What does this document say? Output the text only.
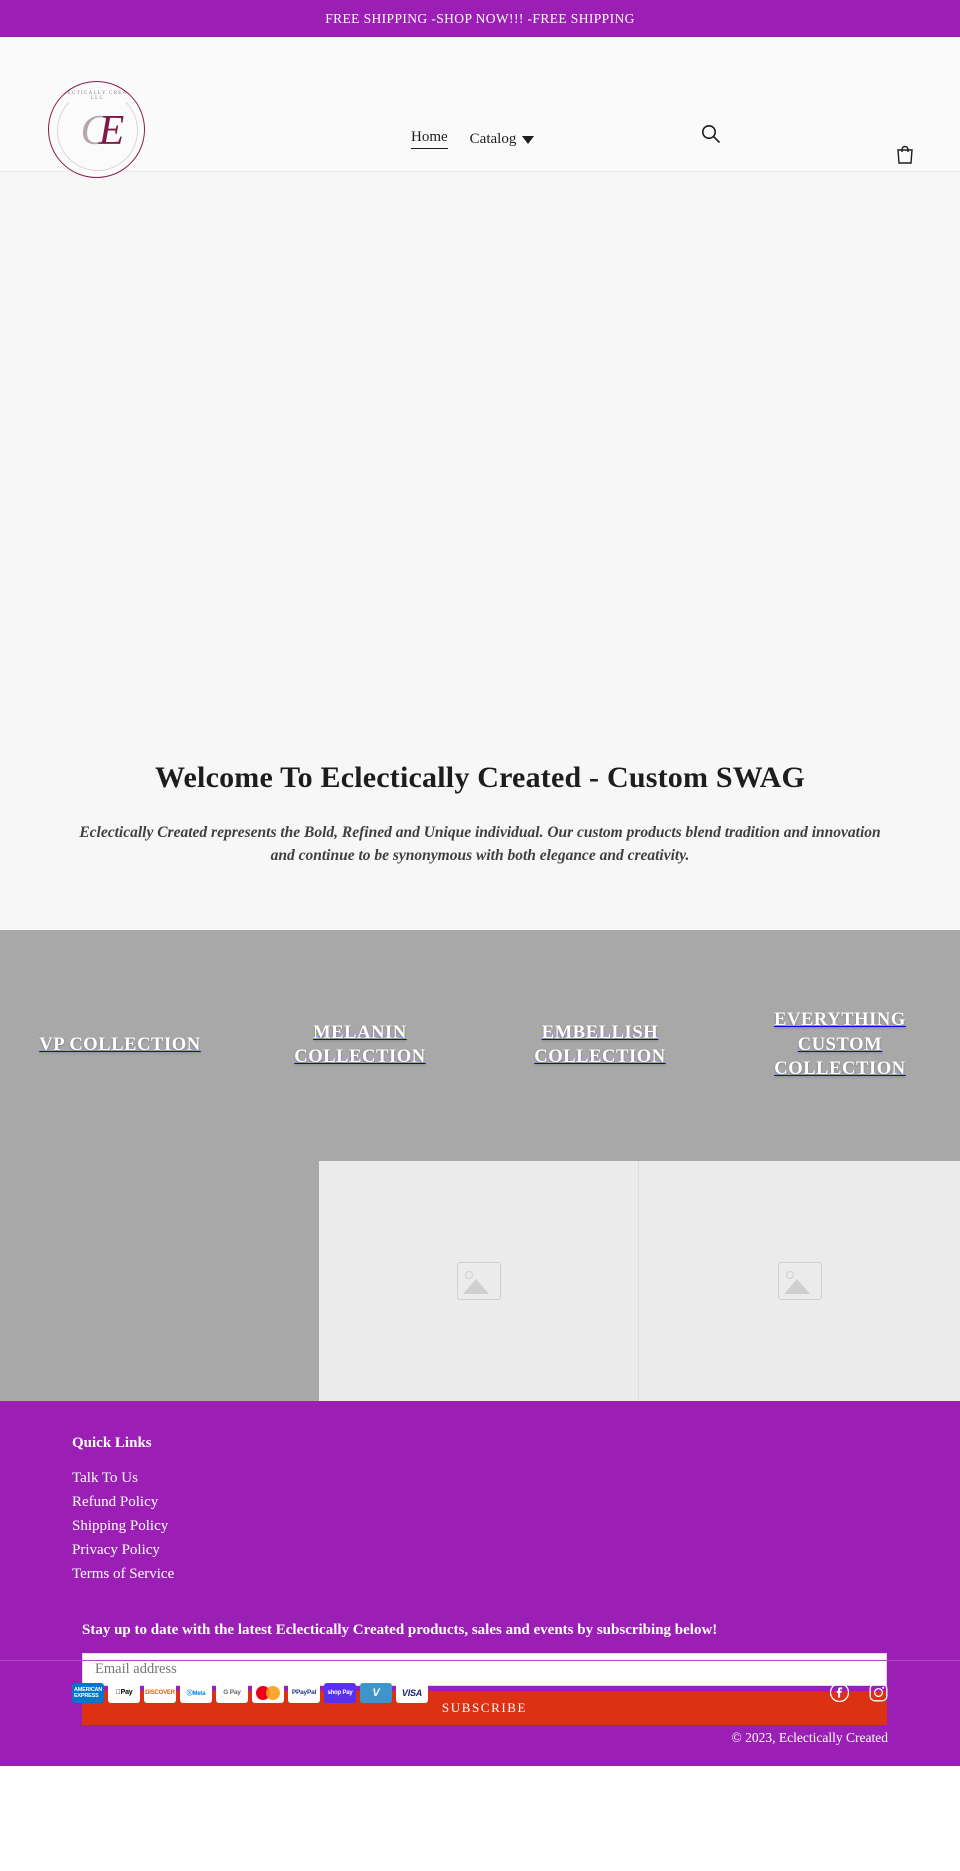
FREE SHIPPING -SHOP NOW!!! -FREE SHIPPING
ECLECTICALLY CREATED LLC
C E	Home Catalog
Welcome To Eclectically Created - Custom SWAG

Eclectically Created represents the Bold, Refined and Unique individual. Our custom products blend tradition and innovation and continue to be synonymous with both elegance and creativity.

VP COLLECTION
MELANIN COLLECTION
EMBELLISH COLLECTION
EVERYTHING CUSTOM COLLECTION
Quick Links
Talk To Us
Refund Policy
Shipping Policy
Privacy Policy
Terms of Service
Stay up to date with the latest Eclectically Created products, sales and events by subscribing below!
Email address SUBSCRIBE
AMERICAN
EXPRESS	Pay	DISCOVER	ⓍMeta	G Pay	P PayPal	shop Pay	V	VISA
© 2023, Eclectically Created
